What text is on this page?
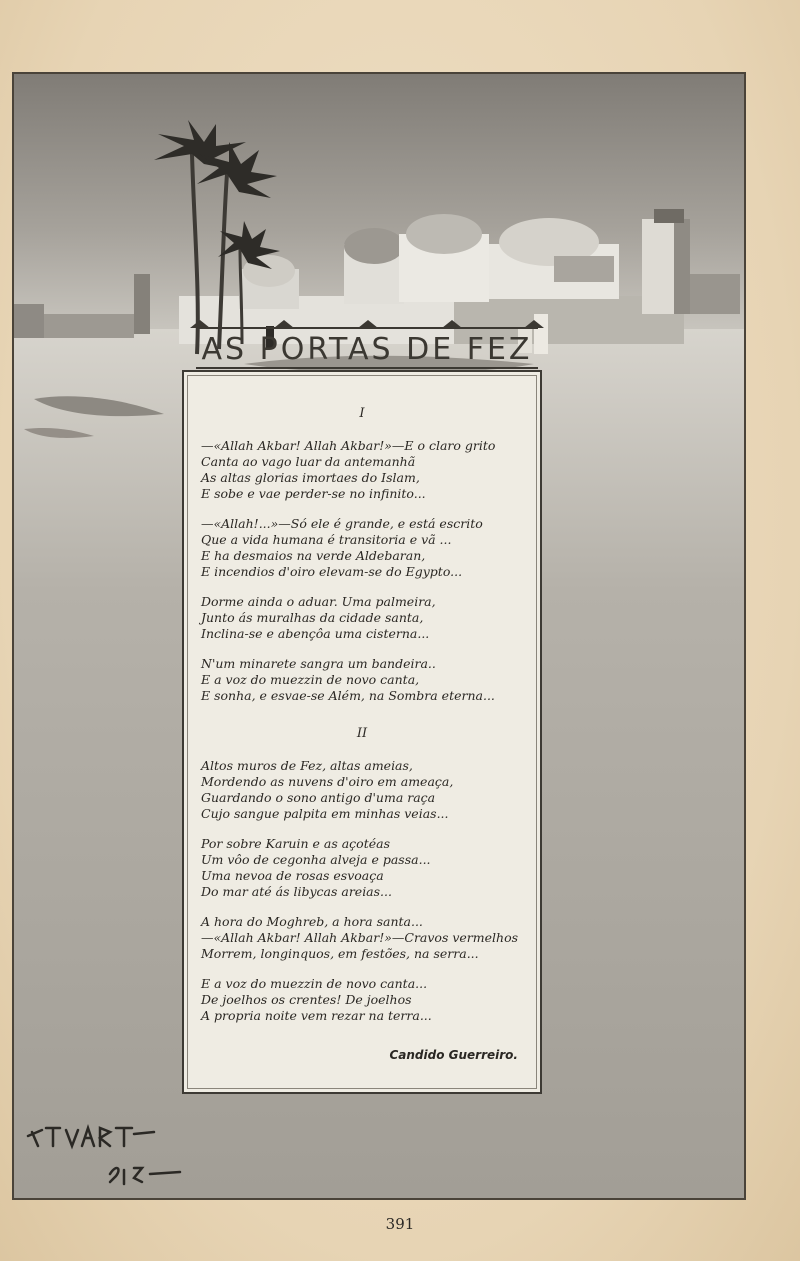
AS PORTAS DE FEZ
I
—«Allah Akbar! Allah Akbar!»—E o claro grito
Canta ao vago luar da antemanhã
As altas glorias imortaes do Islam,
E sobe e vae perder-se no infinito...
—«Allah!...»—Só ele é grande, e está escrito
Que a vida humana é transitoria e vã ...
E ha desmaios na verde Aldebaran,
E incendios d'oiro elevam-se do Egypto...
Dorme ainda o aduar. Uma palmeira,
Junto ás muralhas da cidade santa,
Inclina-se e abençôa uma cisterna...
N'um minarete sangra um bandeira..
E a voz do muezzin de novo canta,
E sonha, e esvae-se Além, na Sombra eterna...
II
Altos muros de Fez, altas ameias,
Mordendo as nuvens d'oiro em ameaça,
Guardando o sono antigo d'uma raça
Cujo sangue palpita em minhas veias...
Por sobre Karuin e as açotéas
Um vôo de cegonha alveja e passa...
Uma nevoa de rosas esvoaça
Do mar até ás libycas areias...
A hora do Moghreb, a hora santa...
—«Allah Akbar! Allah Akbar!»—Cravos vermelhos
Morrem, longinquos, em festões, na serra...
E a voz do muezzin de novo canta...
De joelhos os crentes! De joelhos
A propria noite vem rezar na terra...
Candido Guerreiro.
391
